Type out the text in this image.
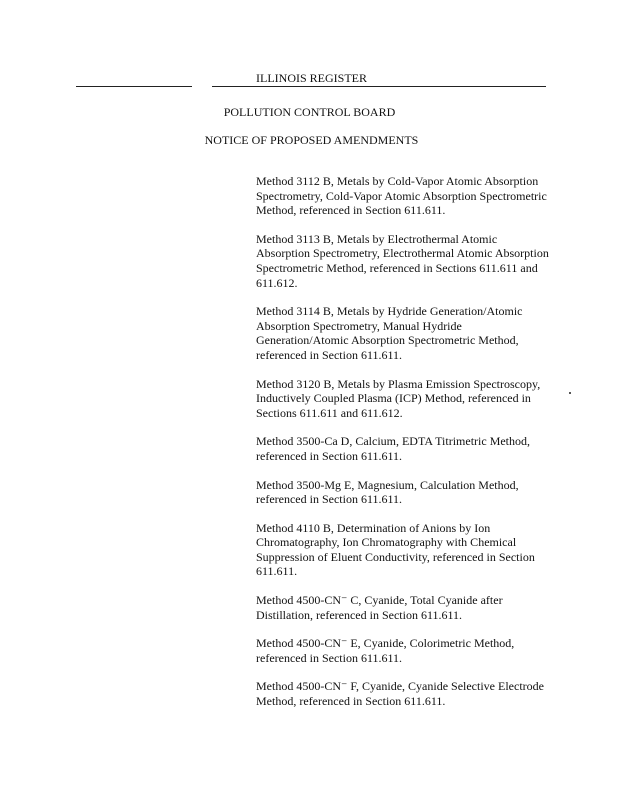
ILLINOIS REGISTER
POLLUTION CONTROL BOARD
NOTICE OF PROPOSED AMENDMENTS
Method 3112 B, Metals by Cold-Vapor Atomic Absorption Spectrometry, Cold-Vapor Atomic Absorption Spectrometric Method, referenced in Section 611.611.
Method 3113 B, Metals by Electrothermal Atomic Absorption Spectrometry, Electrothermal Atomic Absorption Spectrometric Method, referenced in Sections 611.611 and 611.612.
Method 3114 B, Metals by Hydride Generation/Atomic Absorption Spectrometry, Manual Hydride Generation/Atomic Absorption Spectrometric Method, referenced in Section 611.611.
Method 3120 B, Metals by Plasma Emission Spectroscopy, Inductively Coupled Plasma (ICP) Method, referenced in Sections 611.611 and 611.612.
Method 3500-Ca D, Calcium, EDTA Titrimetric Method, referenced in Section 611.611.
Method 3500-Mg E, Magnesium, Calculation Method, referenced in Section 611.611.
Method 4110 B, Determination of Anions by Ion Chromatography, Ion Chromatography with Chemical Suppression of Eluent Conductivity, referenced in Section 611.611.
Method 4500-CN⁻ C, Cyanide, Total Cyanide after Distillation, referenced in Section 611.611.
Method 4500-CN⁻ E, Cyanide, Colorimetric Method, referenced in Section 611.611.
Method 4500-CN⁻ F, Cyanide, Cyanide Selective Electrode Method, referenced in Section 611.611.
